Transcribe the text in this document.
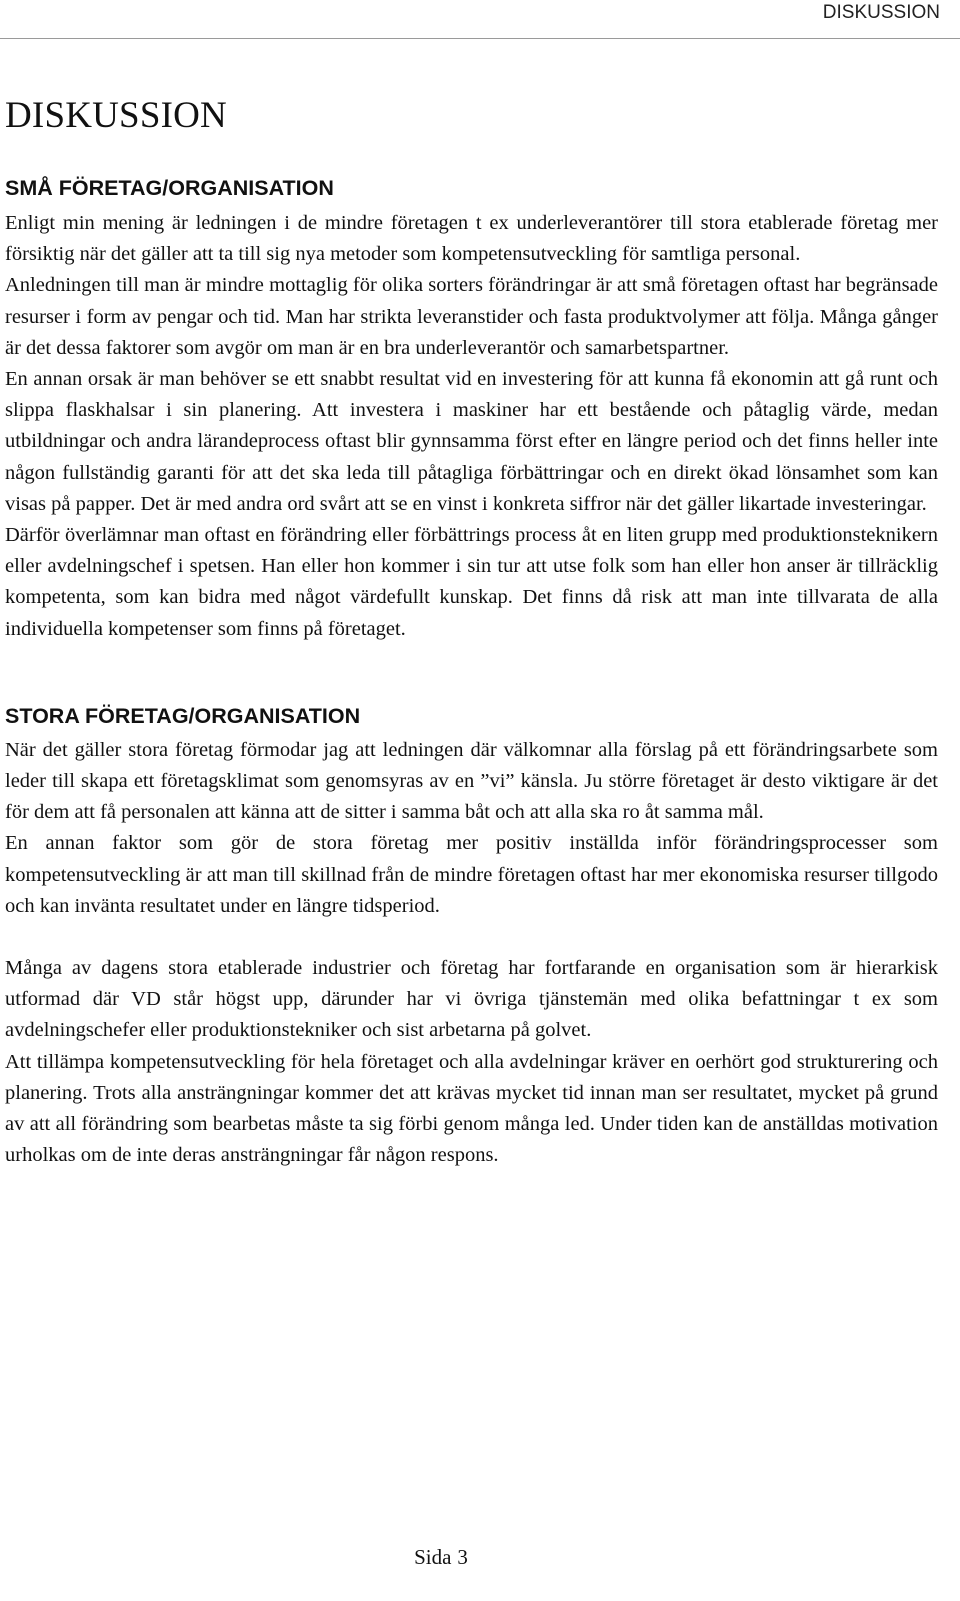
DISKUSSION
DISKUSSION
SMÅ FÖRETAG/ORGANISATION

Enligt min mening är ledningen i de mindre företagen t ex underleverantörer till stora etablerade företag mer försiktig när det gäller att ta till sig nya metoder som kompetensutveckling för samtliga personal.

Anledningen till man är mindre mottaglig för olika sorters förändringar är att små företagen oftast har begränsade resurser i form av pengar och tid. Man har strikta leveranstider och fasta produktvolymer att följa. Många gånger är det dessa faktorer som avgör om man är en bra underleverantör och samarbetspartner.

En annan orsak är man behöver se ett snabbt resultat vid en investering för att kunna få ekonomin att gå runt och slippa flaskhalsar i sin planering. Att investera i maskiner har ett bestående och påtaglig värde, medan utbildningar och andra lärandeprocess oftast blir gynnsamma först efter en längre period och det finns heller inte någon fullständig garanti för att det ska leda till påtagliga förbättringar och en direkt ökad lönsamhet som kan visas på papper. Det är med andra ord svårt att se en vinst i konkreta siffror när det gäller likartade investeringar.

Därför överlämnar man oftast en förändring eller förbättrings process åt en liten grupp med produktionsteknikern eller avdelningschef i spetsen. Han eller hon kommer i sin tur att utse folk som han eller hon anser är tillräcklig kompetenta, som kan bidra med något värdefullt kunskap. Det finns då risk att man inte tillvarata de alla individuella kompetenser som finns på företaget.

STORA FÖRETAG/ORGANISATION

När det gäller stora företag förmodar jag att ledningen där välkomnar alla förslag på ett förändringsarbete som leder till skapa ett företagsklimat som genomsyras av en ”vi” känsla. Ju större företaget är desto viktigare är det för dem att få personalen att känna att de sitter i samma båt och att alla ska ro åt samma mål.

En annan faktor som gör de stora företag mer positiv inställda inför förändringsprocesser som kompetensutveckling är att man till skillnad från de mindre företagen oftast har mer ekonomiska resurser tillgodo och kan inväntа resultatet under en längre tidsperiod.

Många av dagens stora etablerade industrier och företag har fortfarande en organisation som är hierarkisk utformad där VD står högst upp, därunder har vi övriga tjänstemän med olika befattningar t ex som avdelningschefer eller produktionstekniker och sist arbetarna på golvet.

Att tillämpa kompetensutveckling för hela företaget och alla avdelningar kräver en oerhört god strukturering och planering. Trots alla ansträngningar kommer det att krävas mycket tid innan man ser resultatet, mycket på grund av att all förändring som bearbetas måste ta sig förbi genom många led. Under tiden kan de anställdas motivation urholkas om de inte deras ansträngningar får någon respons.

Sida 3
